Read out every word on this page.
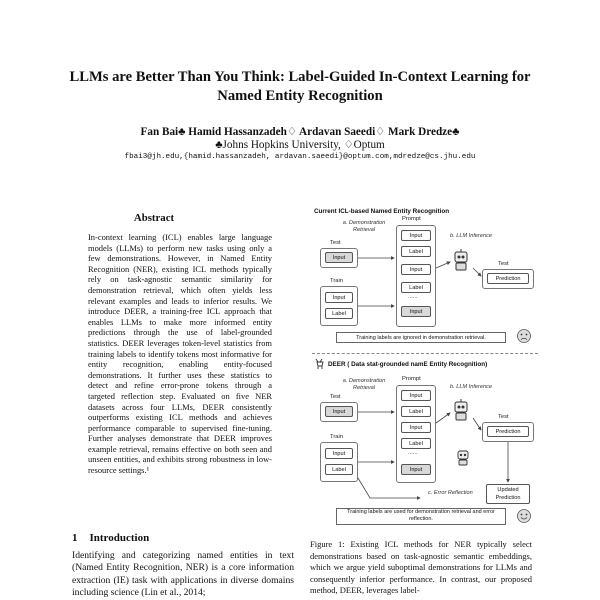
LLMs are Better Than You Think: Label-Guided In-Context Learning for
Named Entity Recognition
Fan Bai♣ Hamid Hassanzadeh♢ Ardavan Saeedi♢ Mark Dredze♣
♣Johns Hopkins University, ♢Optum
fbai3@jh.edu,{hamid.hassanzadeh, ardavan.saeedi}@optum.com,mdredze@cs.jhu.edu
Abstract
In-context learning (ICL) enables large language models (LLMs) to perform new tasks using only a few demonstrations. However, in Named Entity Recognition (NER), existing ICL methods typically rely on task-agnostic semantic similarity for demonstration retrieval, which often yields less relevant examples and leads to inferior results. We introduce DEER, a training-free ICL approach that enables LLMs to make more informed entity predictions through the use of label-grounded statistics. DEER leverages token-level statistics from training labels to identify tokens most informative for entity recognition, enabling entity-focused demonstrations. It further uses these statistics to detect and refine error-prone tokens through a targeted reflection step. Evaluated on five NER datasets across four LLMs, DEER consistently outperforms existing ICL methods and achieves performance comparable to supervised fine-tuning. Further analyses demonstrate that DEER improves example retrieval, remains effective on both seen and unseen entities, and exhibits strong robustness in low-resource settings.¹
1 Introduction
Identifying and categorizing named entities in text (Named Entity Recognition, NER) is a core information extraction (IE) task with applications in diverse domains including science (Lin et al., 2014;
Current ICL-based Named Entity Recognition
a. Demonstration Retrieval
Prompt
b. LLM Inference
Test
Input
Train
Input
Label
Input
Label
Input
Label
......
Input
Test
Prediction
Training labels are ignored in demonstration retrieval.
DEER ( Data stat-grounded namE Entity Recognition)
a. Demonstration Retrieval
Prompt
b. LLM Inference
Test
Input
Train
Input
Label
Input
Label
Input
Label
......
Input
Test
Prediction
c. Error Reflection	Updated Prediction
Training labels are used for demonstration retrieval and error reflection.
Figure 1: Existing ICL methods for NER typically select demonstrations based on task-agnostic semantic embeddings, which we argue yield suboptimal demonstrations for LLMs and consequently inferior performance. In contrast, our proposed method, DEER, leverages label-
